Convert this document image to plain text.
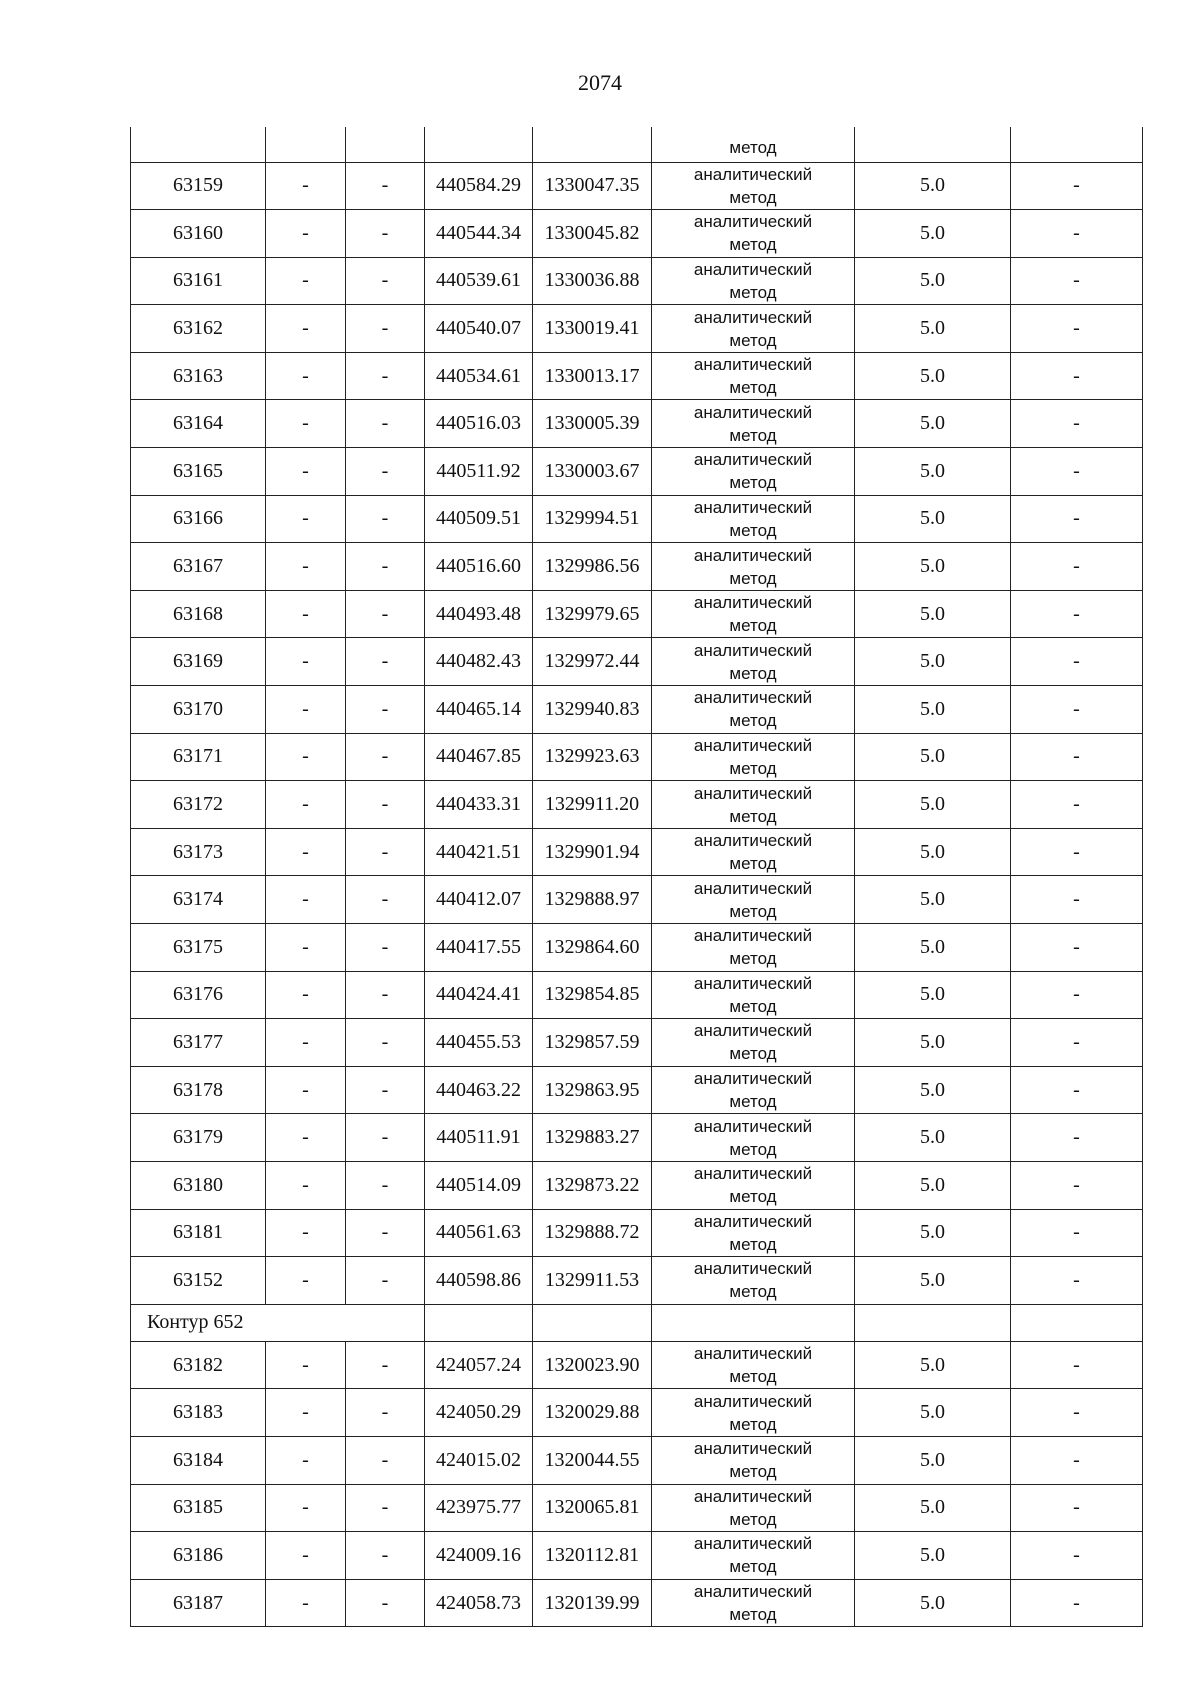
2074

					метод		

63159	-	-	440584.29	1330047.35	аналитический
метод	5.0	-
63160	-	-	440544.34	1330045.82	аналитический
метод	5.0	-
63161	-	-	440539.61	1330036.88	аналитический
метод	5.0	-
63162	-	-	440540.07	1330019.41	аналитический
метод	5.0	-
63163	-	-	440534.61	1330013.17	аналитический
метод	5.0	-
63164	-	-	440516.03	1330005.39	аналитический
метод	5.0	-
63165	-	-	440511.92	1330003.67	аналитический
метод	5.0	-
63166	-	-	440509.51	1329994.51	аналитический
метод	5.0	-
63167	-	-	440516.60	1329986.56	аналитический
метод	5.0	-
63168	-	-	440493.48	1329979.65	аналитический
метод	5.0	-
63169	-	-	440482.43	1329972.44	аналитический
метод	5.0	-
63170	-	-	440465.14	1329940.83	аналитический
метод	5.0	-
63171	-	-	440467.85	1329923.63	аналитический
метод	5.0	-
63172	-	-	440433.31	1329911.20	аналитический
метод	5.0	-
63173	-	-	440421.51	1329901.94	аналитический
метод	5.0	-
63174	-	-	440412.07	1329888.97	аналитический
метод	5.0	-
63175	-	-	440417.55	1329864.60	аналитический
метод	5.0	-
63176	-	-	440424.41	1329854.85	аналитический
метод	5.0	-
63177	-	-	440455.53	1329857.59	аналитический
метод	5.0	-
63178	-	-	440463.22	1329863.95	аналитический
метод	5.0	-
63179	-	-	440511.91	1329883.27	аналитический
метод	5.0	-
63180	-	-	440514.09	1329873.22	аналитический
метод	5.0	-
63181	-	-	440561.63	1329888.72	аналитический
метод	5.0	-
63152	-	-	440598.86	1329911.53	аналитический
метод	5.0	-
Контур 652							
63182	-	-	424057.24	1320023.90	аналитический
метод	5.0	-
63183	-	-	424050.29	1320029.88	аналитический
метод	5.0	-
63184	-	-	424015.02	1320044.55	аналитический
метод	5.0	-
63185	-	-	423975.77	1320065.81	аналитический
метод	5.0	-
63186	-	-	424009.16	1320112.81	аналитический
метод	5.0	-
63187	-	-	424058.73	1320139.99	аналитический
метод	5.0	-
